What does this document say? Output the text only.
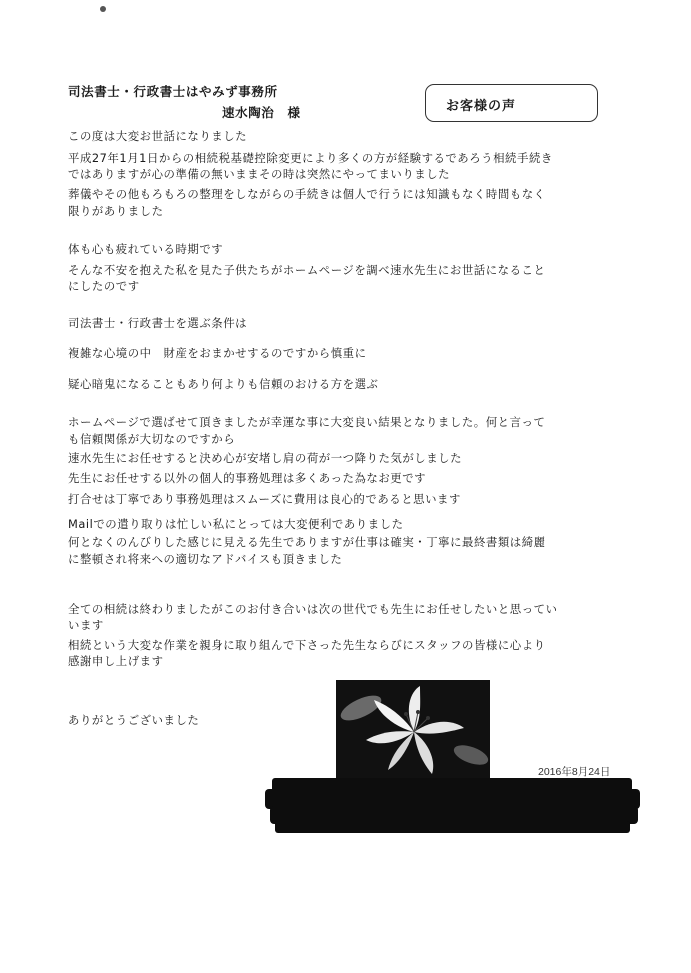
司法書士・行政書士はやみず事務所
速水陶治　様	お客様の声
この度は大変お世話になりました
平成27年1月1日からの相続税基礎控除変更により多くの方が経験するであろう相続手続き
ではありますが心の準備の無いままその時は突然にやってまいりました
葬儀やその他もろもろの整理をしながらの手続きは個人で行うには知識もなく時間もなく
限りがありました
体も心も疲れている時期です
そんな不安を抱えた私を見た子供たちがホームページを調べ速水先生にお世話になること
にしたのです
司法書士・行政書士を選ぶ条件は
複雑な心境の中　財産をおまかせするのですから慎重に
疑心暗鬼になることもあり何よりも信頼のおける方を選ぶ
ホームページで選ばせて頂きましたが幸運な事に大変良い結果となりました。何と言って
も信頼関係が大切なのですから
速水先生にお任せすると決め心が安堵し肩の荷が一つ降りた気がしました
先生にお任せする以外の個人的事務処理は多くあった為なお更です
打合せは丁寧であり事務処理はスムーズに費用は良心的であると思います
Mailでの遣り取りは忙しい私にとっては大変便利でありました
何となくのんびりした感じに見える先生でありますが仕事は確実・丁寧に最終書類は綺麗
に整頓され将来への適切なアドバイスも頂きました
全ての相続は終わりましたがこのお付き合いは次の世代でも先生にお任せしたいと思ってい
います
相続という大変な作業を親身に取り組んで下さった先生ならびにスタッフの皆様に心より
感謝申し上げます
ありがとうございました
2016年8月24日
